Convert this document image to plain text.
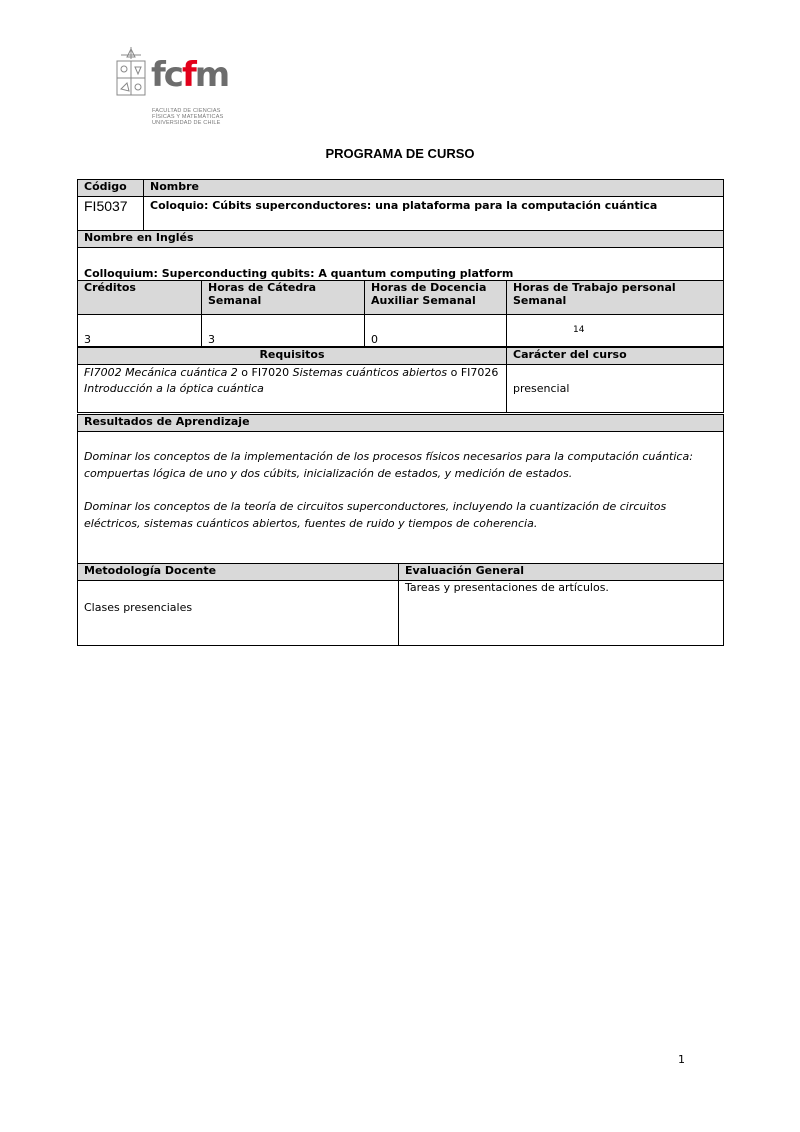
fcfm
FACULTAD DE CIENCIAS
FÍSICAS Y MATEMÁTICAS
UNIVERSIDAD DE CHILE
PROGRAMA DE CURSO
Código	Nombre
FI5037	Coloquio: Cúbits superconductores: una plataforma para la computación cuántica
Nombre en Inglés	
Colloquium: Superconducting qubits: A quantum computing platform	
Créditos	Horas de Cátedra Semanal	Horas de Docencia Auxiliar Semanal	Horas de Trabajo personal Semanal
3	3	0	14
Requisitos	Carácter del curso
FI7002 Mecánica cuántica 2 o FI7020 Sistemas cuánticos abiertos o FI7026
Introducción a la óptica cuántica	presencial
Resultados de Aprendizaje

Dominar los conceptos de la implementación de los procesos físicos necesarios para la computación cuántica: compuertas lógica de uno y dos cúbits, inicialización de estados, y medición de estados.

Dominar los conceptos de la teoría de circuitos superconductores, incluyendo la cuantización de circuitos eléctricos, sistemas cuánticos abiertos, fuentes de ruido y tiempos de coherencia.

Metodología Docente	Evaluación General
Clases presenciales	Tareas y presentaciones de artículos.
1
